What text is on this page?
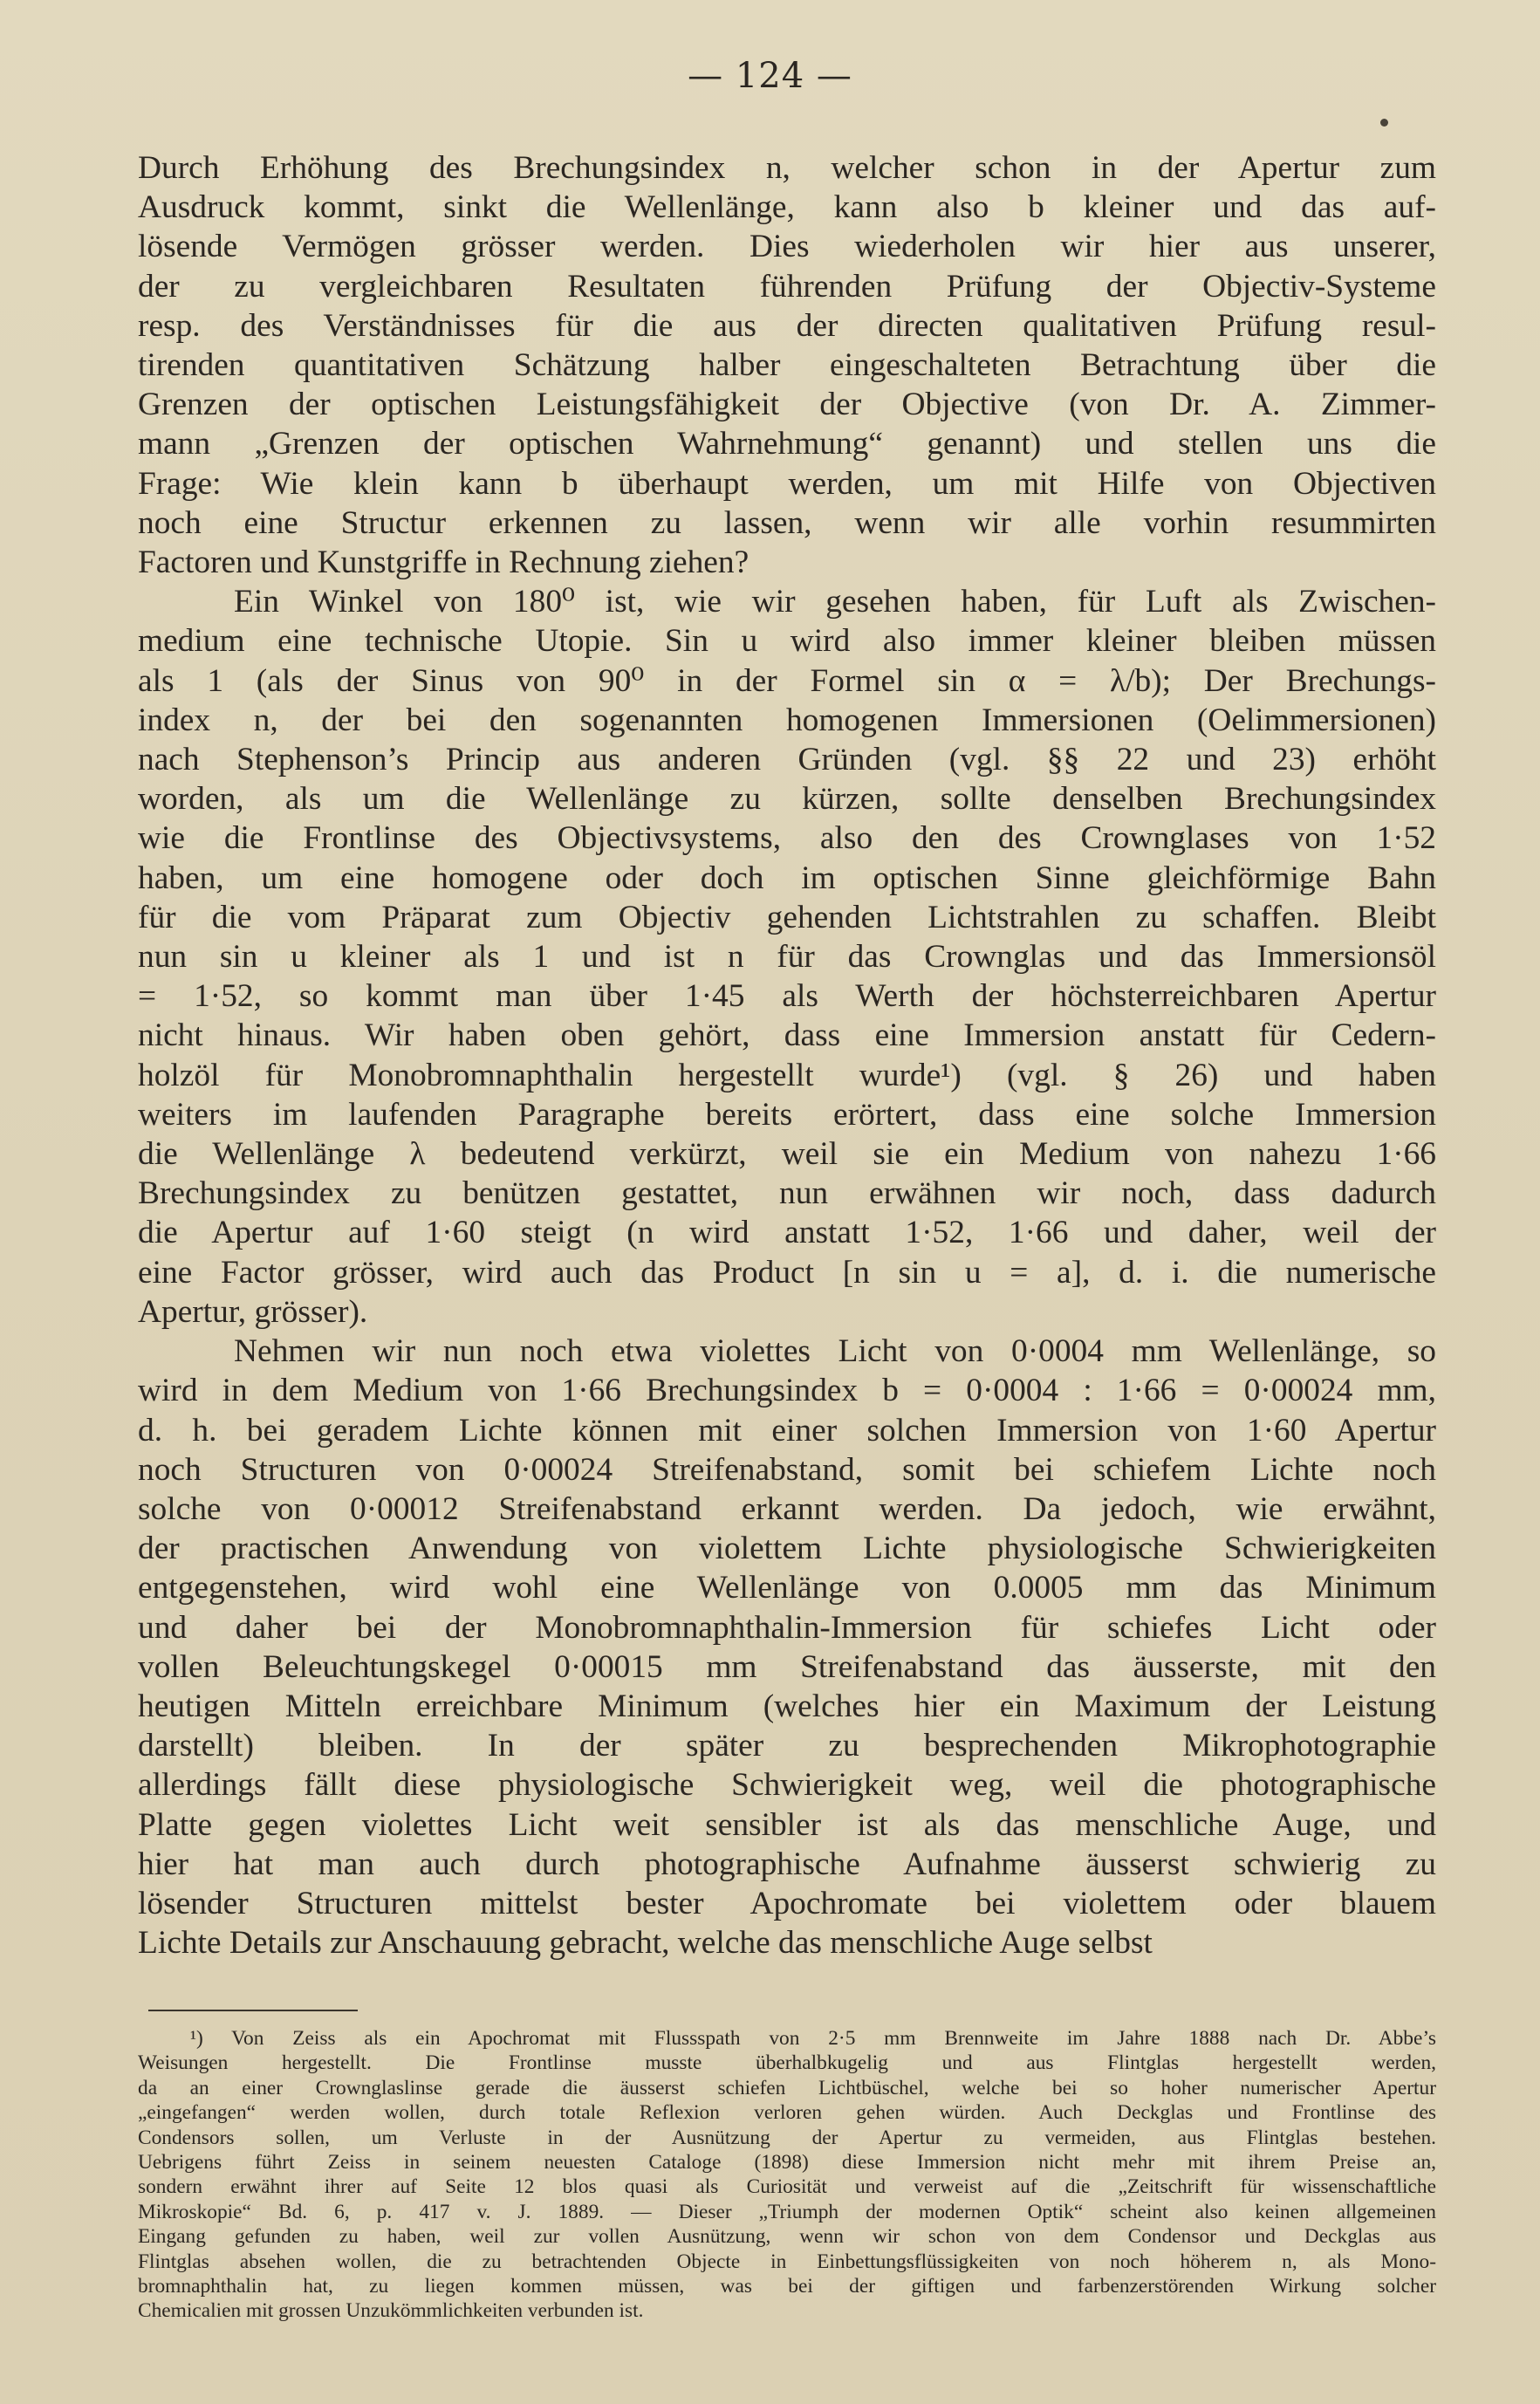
— 124 —

Durch Erhöhung des Brechungsindex n, welcher schon in der Apertur zum
Ausdruck kommt, sinkt die Wellenlänge, kann also b kleiner und das auf-
lösende Vermögen grösser werden. Dies wiederholen wir hier aus unserer,
der zu vergleichbaren Resultaten führenden Prüfung der Objectiv-Systeme
resp. des Verständnisses für die aus der directen qualitativen Prüfung resul-
tirenden quantitativen Schätzung halber eingeschalteten Betrachtung über die
Grenzen der optischen Leistungsfähigkeit der Objective (von Dr. A. Zimmer-
mann „Grenzen der optischen Wahrnehmung“ genannt) und stellen uns die
Frage: Wie klein kann b überhaupt werden, um mit Hilfe von Objectiven
noch eine Structur erkennen zu lassen, wenn wir alle vorhin resummirten
Factoren und Kunstgriffe in Rechnung ziehen?

Ein Winkel von 180⁰ ist, wie wir gesehen haben, für Luft als Zwischen-
medium eine technische Utopie. Sin u wird also immer kleiner bleiben müssen
als 1 (als der Sinus von 90⁰ in der Formel sin α = λ/b); Der Brechungs-
index n, der bei den sogenannten homogenen Immersionen (Oelimmersionen)
nach Stephenson’s Princip aus anderen Gründen (vgl. §§ 22 und 23) erhöht
worden, als um die Wellenlänge zu kürzen, sollte denselben Brechungsindex
wie die Frontlinse des Objectivsystems, also den des Crownglases von 1·52
haben, um eine homogene oder doch im optischen Sinne gleichförmige Bahn
für die vom Präparat zum Objectiv gehenden Lichtstrahlen zu schaffen. Bleibt
nun sin u kleiner als 1 und ist n für das Crownglas und das Immersionsöl
= 1·52, so kommt man über 1·45 als Werth der höchsterreichbaren Apertur
nicht hinaus. Wir haben oben gehört, dass eine Immersion anstatt für Cedern-
holzöl für Monobromnaphthalin hergestellt wurde¹) (vgl. § 26) und haben
weiters im laufenden Paragraphe bereits erörtert, dass eine solche Immersion
die Wellenlänge λ bedeutend verkürzt, weil sie ein Medium von nahezu 1·66
Brechungsindex zu benützen gestattet, nun erwähnen wir noch, dass dadurch
die Apertur auf 1·60 steigt (n wird anstatt 1·52, 1·66 und daher, weil der
eine Factor grösser, wird auch das Product [n sin u = a], d. i. die numerische
Apertur, grösser).

Nehmen wir nun noch etwa violettes Licht von 0·0004 mm Wellenlänge, so
wird in dem Medium von 1·66 Brechungsindex b = 0·0004 : 1·66 = 0·00024 mm,
d. h. bei geradem Lichte können mit einer solchen Immersion von 1·60 Apertur
noch Structuren von 0·00024 Streifenabstand, somit bei schiefem Lichte noch
solche von 0·00012 Streifenabstand erkannt werden. Da jedoch, wie erwähnt,
der practischen Anwendung von violettem Lichte physiologische Schwierigkeiten
entgegenstehen, wird wohl eine Wellenlänge von 0.0005 mm das Minimum
und daher bei der Monobromnaphthalin-Immersion für schiefes Licht oder
vollen Beleuchtungskegel 0·00015 mm Streifenabstand das äusserste, mit den
heutigen Mitteln erreichbare Minimum (welches hier ein Maximum der Leistung
darstellt) bleiben. In der später zu besprechenden Mikrophotographie
allerdings fällt diese physiologische Schwierigkeit weg, weil die photographische
Platte gegen violettes Licht weit sensibler ist als das menschliche Auge, und
hier hat man auch durch photographische Aufnahme äusserst schwierig zu
lösender Structuren mittelst bester Apochromate bei violettem oder blauem
Lichte Details zur Anschauung gebracht, welche das menschliche Auge selbst

¹) Von Zeiss als ein Apochromat mit Flussspath von 2·5 mm Brennweite im Jahre 1888 nach Dr. Abbe’s
Weisungen hergestellt. Die Frontlinse musste überhalbkugelig und aus Flintglas hergestellt werden,
da an einer Crownglaslinse gerade die äusserst schiefen Lichtbüschel, welche bei so hoher numerischer Apertur
„eingefangen“ werden wollen, durch totale Reflexion verloren gehen würden. Auch Deckglas und Frontlinse des
Condensors sollen, um Verluste in der Ausnützung der Apertur zu vermeiden, aus Flintglas bestehen.
Uebrigens führt Zeiss in seinem neuesten Cataloge (1898) diese Immersion nicht mehr mit ihrem Preise an,
sondern erwähnt ihrer auf Seite 12 blos quasi als Curiosität und verweist auf die „Zeitschrift für wissenschaftliche
Mikroskopie“ Bd. 6, p. 417 v. J. 1889. — Dieser „Triumph der modernen Optik“ scheint also keinen allgemeinen
Eingang gefunden zu haben, weil zur vollen Ausnützung, wenn wir schon von dem Condensor und Deckglas aus
Flintglas absehen wollen, die zu betrachtenden Objecte in Einbettungsflüssigkeiten von noch höherem n, als Mono-
bromnaphthalin hat, zu liegen kommen müssen, was bei der giftigen und farbenzerstörenden Wirkung solcher
Chemicalien mit grossen Unzukömmlichkeiten verbunden ist.
